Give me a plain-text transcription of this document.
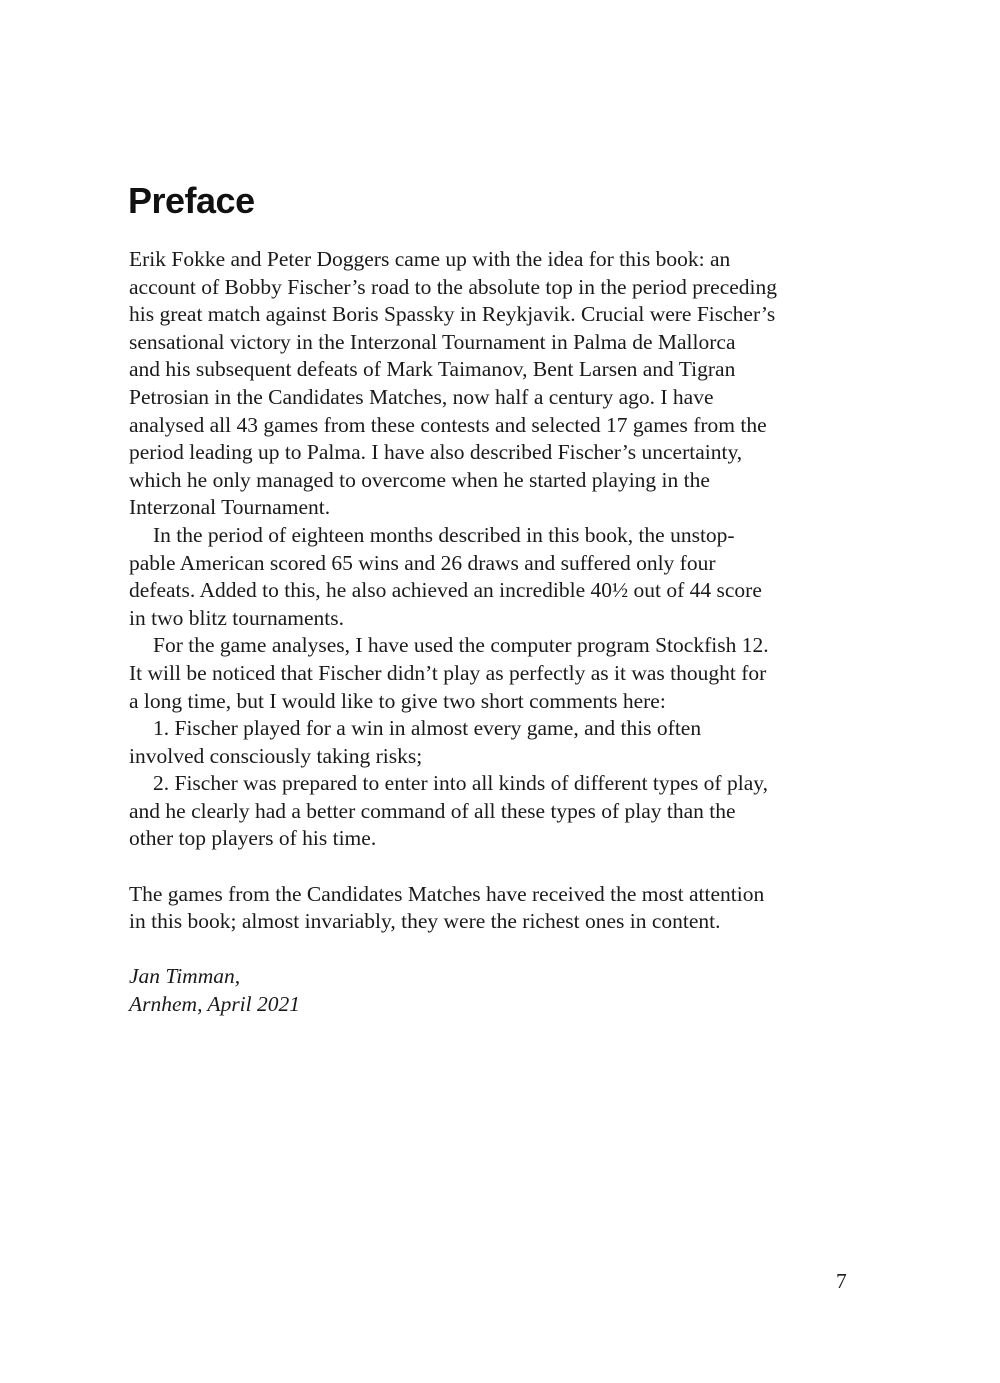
Preface
Erik Fokke and Peter Doggers came up with the idea for this book: an
account of Bobby Fischer’s road to the absolute top in the period preceding
his great match against Boris Spassky in Reykjavik. Crucial were Fischer’s
sensational victory in the Interzonal Tournament in Palma de Mallorca
and his subsequent defeats of Mark Taimanov, Bent Larsen and Tigran
Petrosian in the Candidates Matches, now half a century ago. I have
analysed all 43 games from these contests and selected 17 games from the
period leading up to Palma. I have also described Fischer’s uncertainty,
which he only managed to overcome when he started playing in the
Interzonal Tournament.
In the period of eighteen months described in this book, the unstop-
pable American scored 65 wins and 26 draws and suffered only four
defeats. Added to this, he also achieved an incredible 40½ out of 44 score
in two blitz tournaments.
For the game analyses, I have used the computer program Stockfish 12.
It will be noticed that Fischer didn’t play as perfectly as it was thought for
a long time, but I would like to give two short comments here:
1. Fischer played for a win in almost every game, and this often
involved consciously taking risks;
2. Fischer was prepared to enter into all kinds of different types of play,
and he clearly had a better command of all these types of play than the
other top players of his time.
The games from the Candidates Matches have received the most attention
in this book; almost invariably, they were the richest ones in content.
Jan Timman,
Arnhem, April 2021
7
